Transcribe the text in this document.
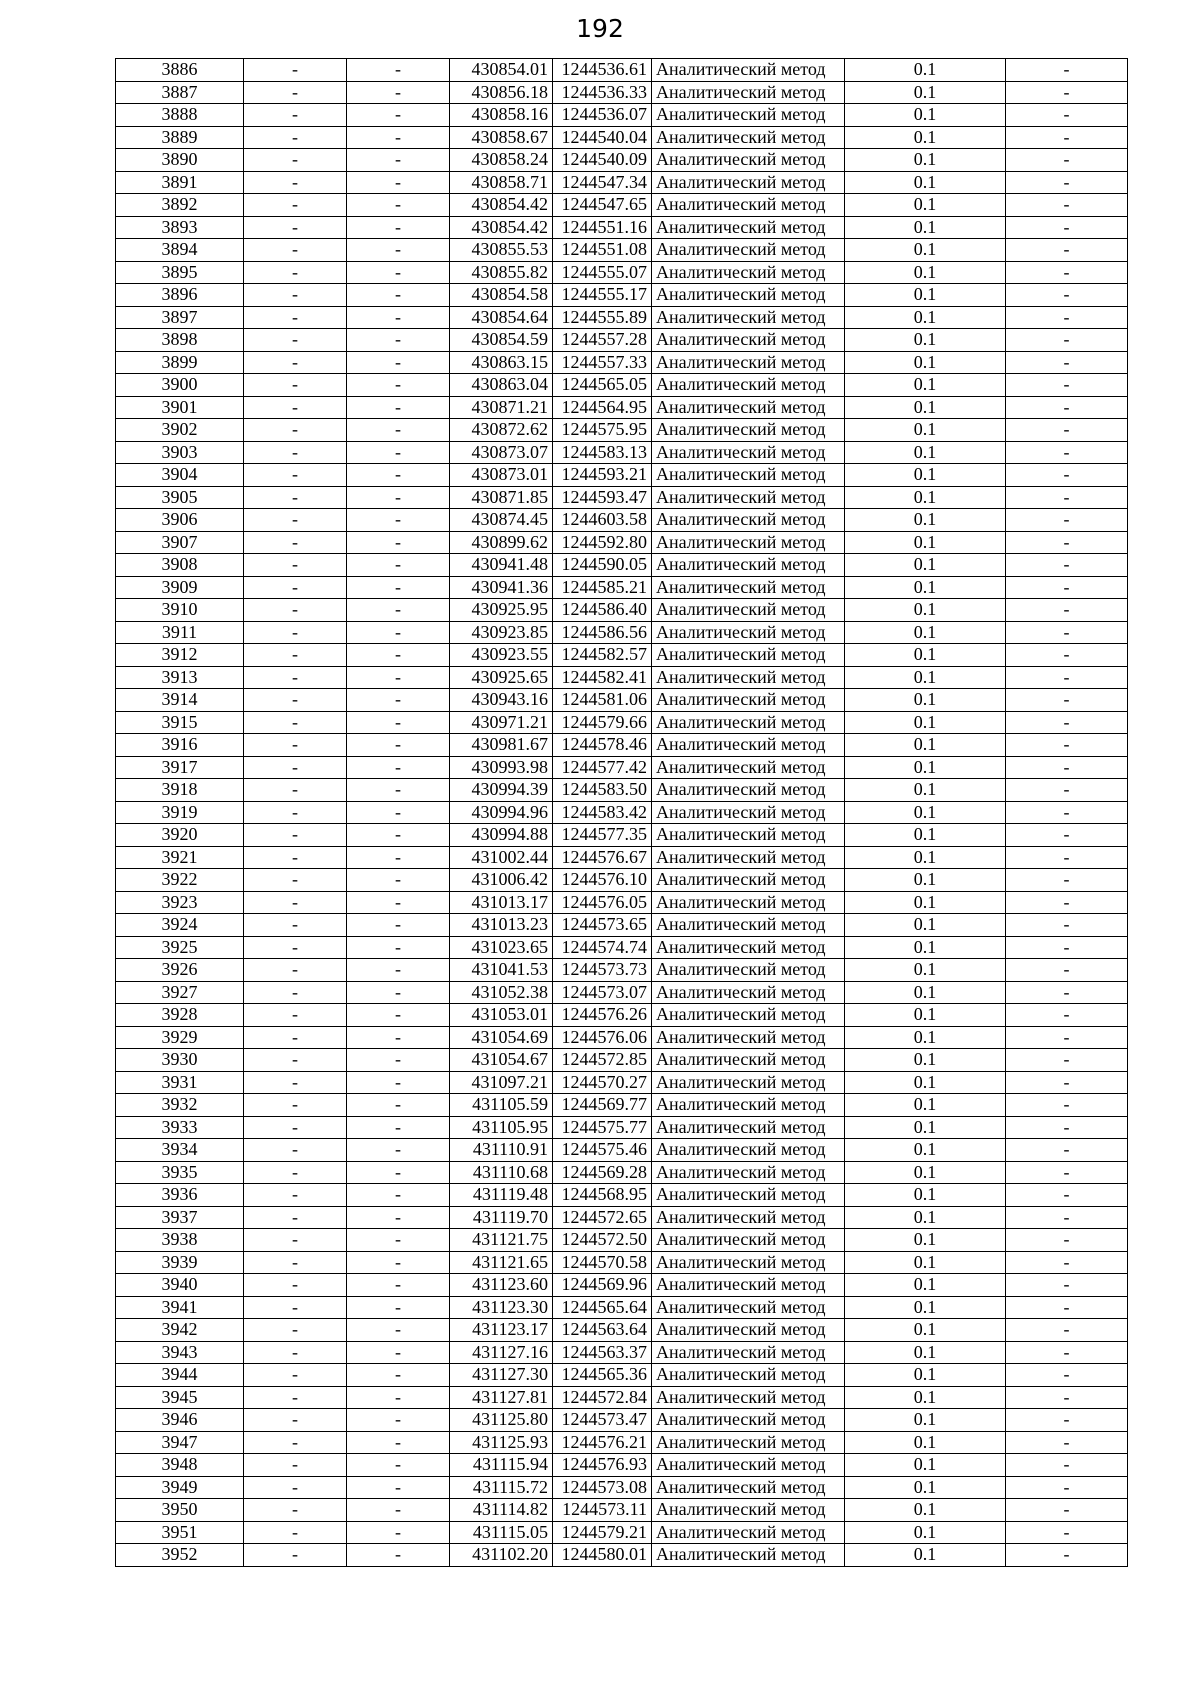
192
3886	-	-	430854.01	1244536.61	Аналитический метод	0.1	-
3887	-	-	430856.18	1244536.33	Аналитический метод	0.1	-
3888	-	-	430858.16	1244536.07	Аналитический метод	0.1	-
3889	-	-	430858.67	1244540.04	Аналитический метод	0.1	-
3890	-	-	430858.24	1244540.09	Аналитический метод	0.1	-
3891	-	-	430858.71	1244547.34	Аналитический метод	0.1	-
3892	-	-	430854.42	1244547.65	Аналитический метод	0.1	-
3893	-	-	430854.42	1244551.16	Аналитический метод	0.1	-
3894	-	-	430855.53	1244551.08	Аналитический метод	0.1	-
3895	-	-	430855.82	1244555.07	Аналитический метод	0.1	-
3896	-	-	430854.58	1244555.17	Аналитический метод	0.1	-
3897	-	-	430854.64	1244555.89	Аналитический метод	0.1	-
3898	-	-	430854.59	1244557.28	Аналитический метод	0.1	-
3899	-	-	430863.15	1244557.33	Аналитический метод	0.1	-
3900	-	-	430863.04	1244565.05	Аналитический метод	0.1	-
3901	-	-	430871.21	1244564.95	Аналитический метод	0.1	-
3902	-	-	430872.62	1244575.95	Аналитический метод	0.1	-
3903	-	-	430873.07	1244583.13	Аналитический метод	0.1	-
3904	-	-	430873.01	1244593.21	Аналитический метод	0.1	-
3905	-	-	430871.85	1244593.47	Аналитический метод	0.1	-
3906	-	-	430874.45	1244603.58	Аналитический метод	0.1	-
3907	-	-	430899.62	1244592.80	Аналитический метод	0.1	-
3908	-	-	430941.48	1244590.05	Аналитический метод	0.1	-
3909	-	-	430941.36	1244585.21	Аналитический метод	0.1	-
3910	-	-	430925.95	1244586.40	Аналитический метод	0.1	-
3911	-	-	430923.85	1244586.56	Аналитический метод	0.1	-
3912	-	-	430923.55	1244582.57	Аналитический метод	0.1	-
3913	-	-	430925.65	1244582.41	Аналитический метод	0.1	-
3914	-	-	430943.16	1244581.06	Аналитический метод	0.1	-
3915	-	-	430971.21	1244579.66	Аналитический метод	0.1	-
3916	-	-	430981.67	1244578.46	Аналитический метод	0.1	-
3917	-	-	430993.98	1244577.42	Аналитический метод	0.1	-
3918	-	-	430994.39	1244583.50	Аналитический метод	0.1	-
3919	-	-	430994.96	1244583.42	Аналитический метод	0.1	-
3920	-	-	430994.88	1244577.35	Аналитический метод	0.1	-
3921	-	-	431002.44	1244576.67	Аналитический метод	0.1	-
3922	-	-	431006.42	1244576.10	Аналитический метод	0.1	-
3923	-	-	431013.17	1244576.05	Аналитический метод	0.1	-
3924	-	-	431013.23	1244573.65	Аналитический метод	0.1	-
3925	-	-	431023.65	1244574.74	Аналитический метод	0.1	-
3926	-	-	431041.53	1244573.73	Аналитический метод	0.1	-
3927	-	-	431052.38	1244573.07	Аналитический метод	0.1	-
3928	-	-	431053.01	1244576.26	Аналитический метод	0.1	-
3929	-	-	431054.69	1244576.06	Аналитический метод	0.1	-
3930	-	-	431054.67	1244572.85	Аналитический метод	0.1	-
3931	-	-	431097.21	1244570.27	Аналитический метод	0.1	-
3932	-	-	431105.59	1244569.77	Аналитический метод	0.1	-
3933	-	-	431105.95	1244575.77	Аналитический метод	0.1	-
3934	-	-	431110.91	1244575.46	Аналитический метод	0.1	-
3935	-	-	431110.68	1244569.28	Аналитический метод	0.1	-
3936	-	-	431119.48	1244568.95	Аналитический метод	0.1	-
3937	-	-	431119.70	1244572.65	Аналитический метод	0.1	-
3938	-	-	431121.75	1244572.50	Аналитический метод	0.1	-
3939	-	-	431121.65	1244570.58	Аналитический метод	0.1	-
3940	-	-	431123.60	1244569.96	Аналитический метод	0.1	-
3941	-	-	431123.30	1244565.64	Аналитический метод	0.1	-
3942	-	-	431123.17	1244563.64	Аналитический метод	0.1	-
3943	-	-	431127.16	1244563.37	Аналитический метод	0.1	-
3944	-	-	431127.30	1244565.36	Аналитический метод	0.1	-
3945	-	-	431127.81	1244572.84	Аналитический метод	0.1	-
3946	-	-	431125.80	1244573.47	Аналитический метод	0.1	-
3947	-	-	431125.93	1244576.21	Аналитический метод	0.1	-
3948	-	-	431115.94	1244576.93	Аналитический метод	0.1	-
3949	-	-	431115.72	1244573.08	Аналитический метод	0.1	-
3950	-	-	431114.82	1244573.11	Аналитический метод	0.1	-
3951	-	-	431115.05	1244579.21	Аналитический метод	0.1	-
3952	-	-	431102.20	1244580.01	Аналитический метод	0.1	-
